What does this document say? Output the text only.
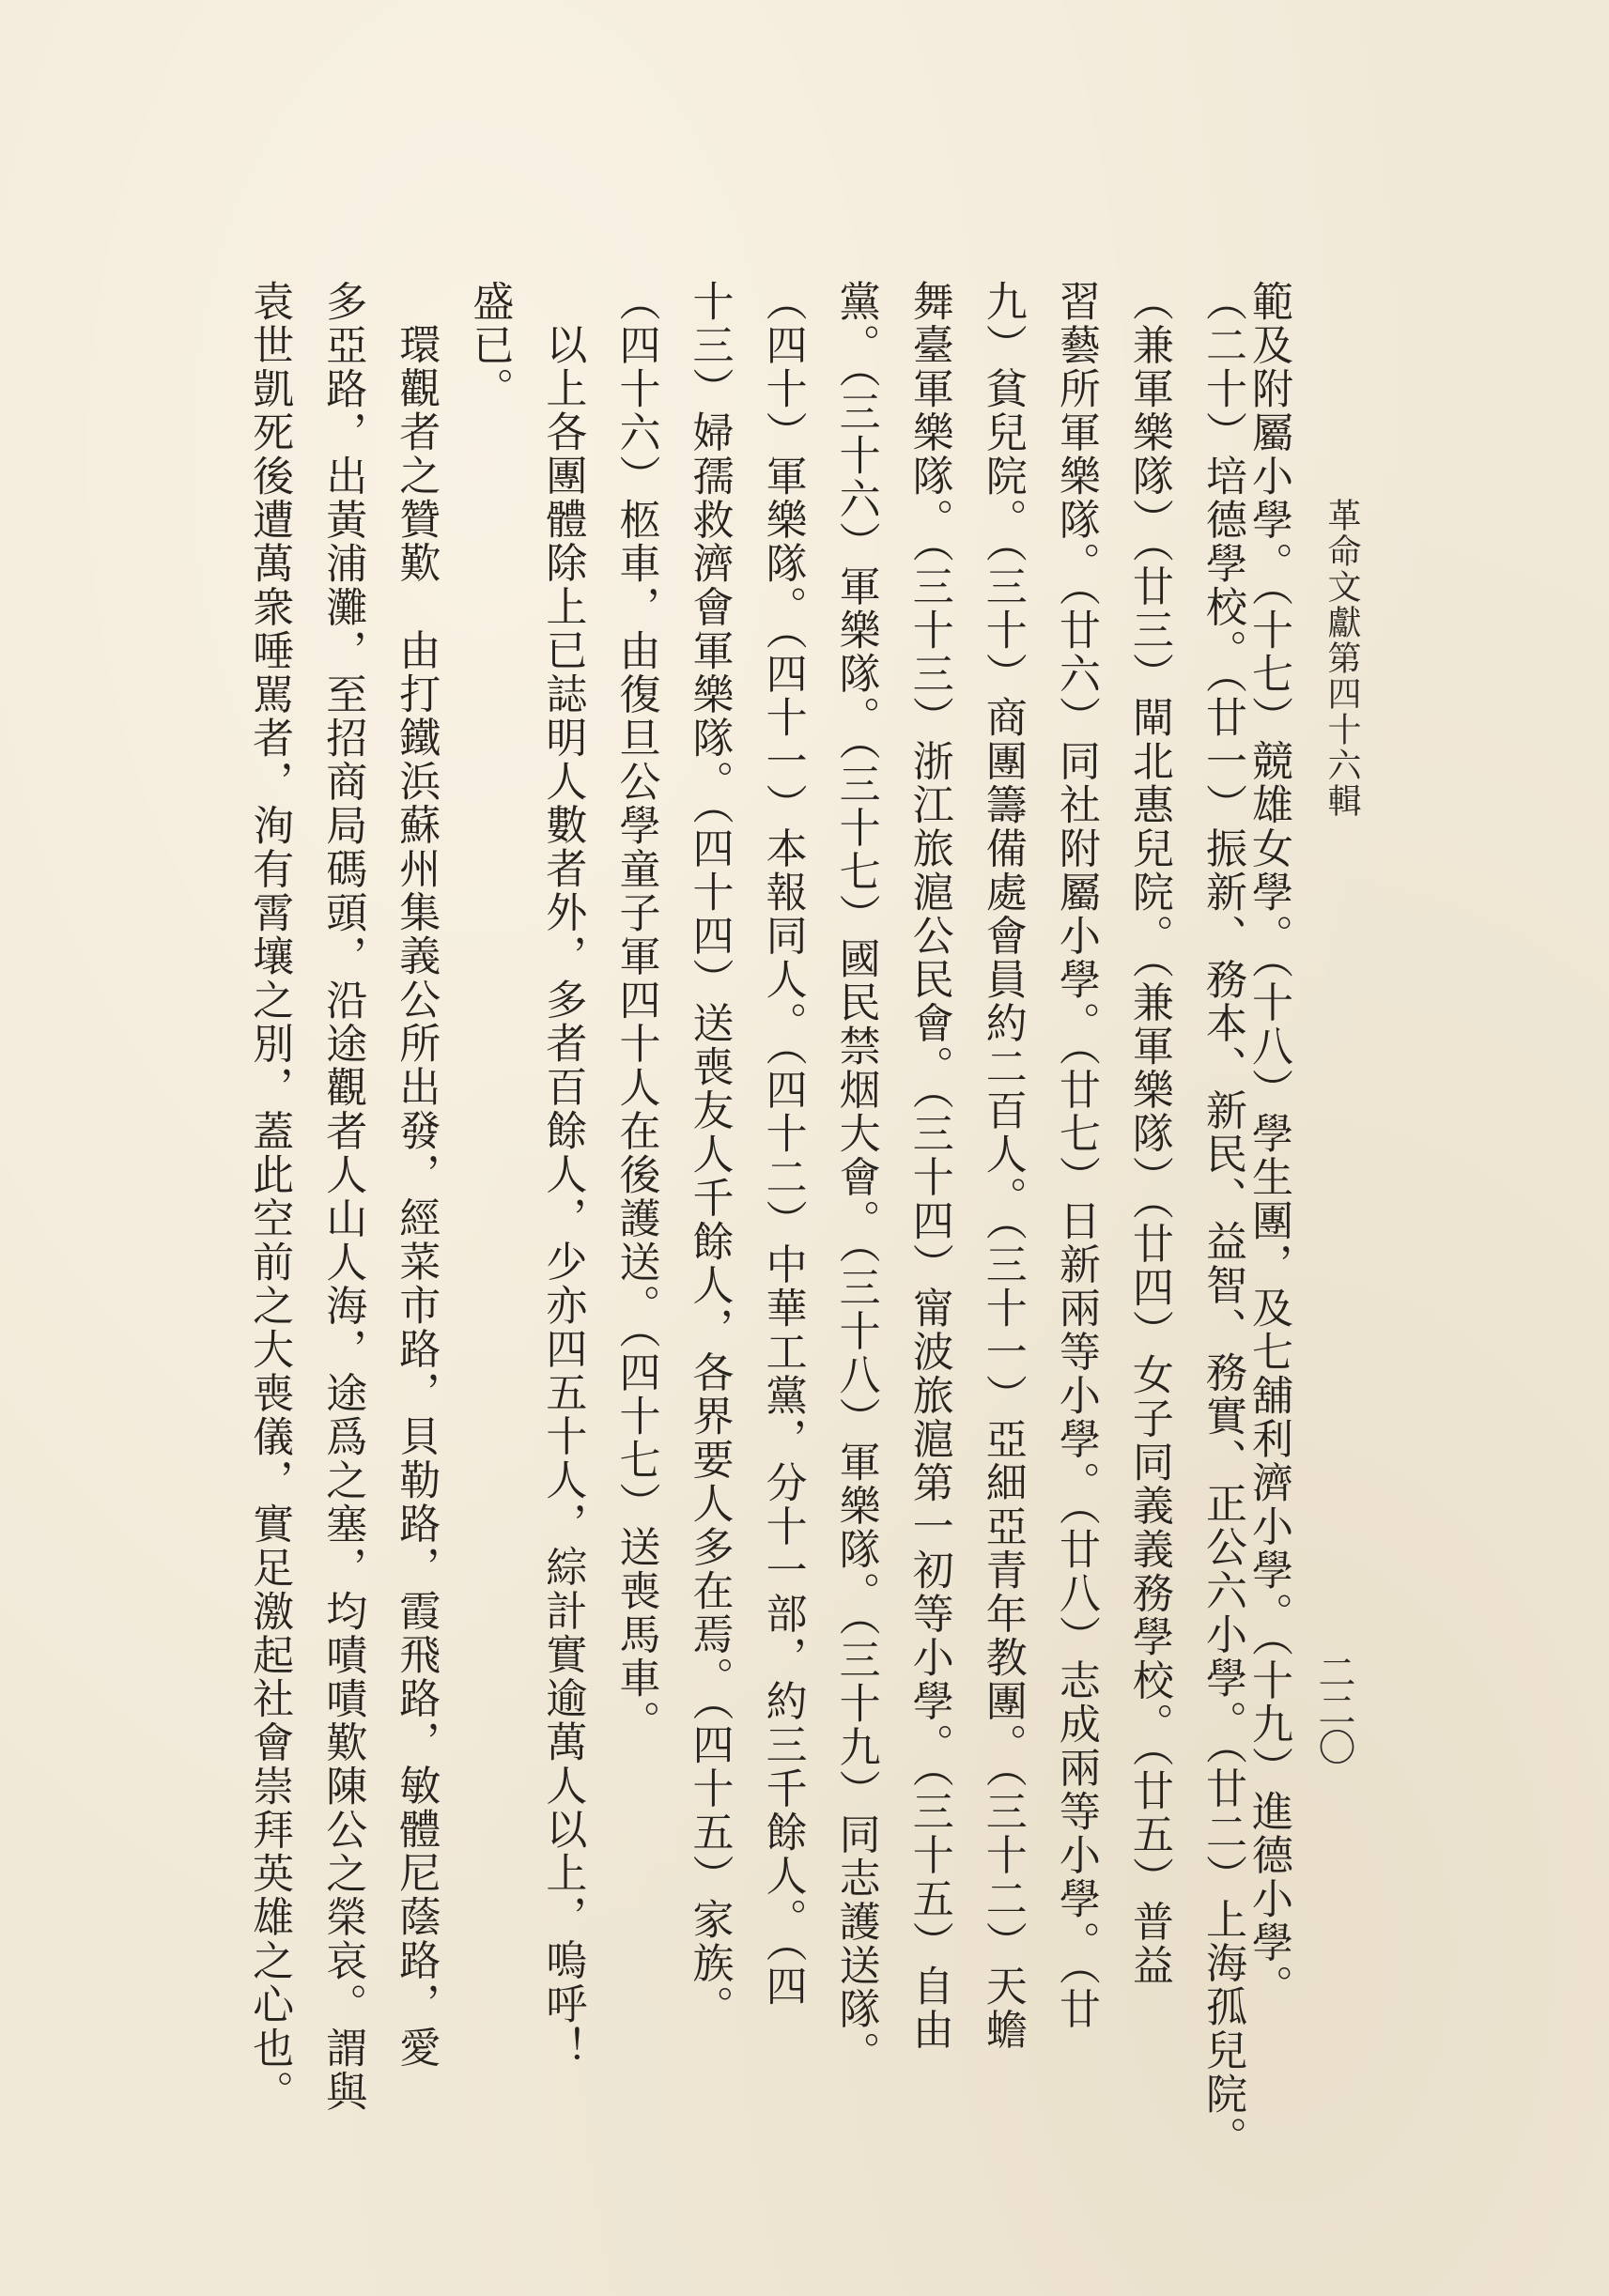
革命文獻第四十六輯
二二〇
範及附屬小學。（十七）競雄女學。（十八）學生團，及七舖利濟小學。（十九）進德小學。
（二十）培德學校。（廿一）振新、務本、新民、益智、務實、正公六小學。（廿二）上海孤兒院。
（兼軍樂隊）（廿三）閘北惠兒院。（兼軍樂隊）（廿四）女子同義義務學校。（廿五）普益
習藝所軍樂隊。（廿六）同社附屬小學。（廿七）日新兩等小學。（廿八）志成兩等小學。（廿
九）貧兒院。（三十）商團籌備處會員約二百人。（三十一）亞細亞青年教團。（三十二）天蟾
舞臺軍樂隊。（三十三）浙江旅滬公民會。（三十四）甯波旅滬第一初等小學。（三十五）自由
黨。（三十六）軍樂隊。（三十七）國民禁烟大會。（三十八）軍樂隊。（三十九）同志護送隊。
（四十）軍樂隊。（四十一）本報同人。（四十二）中華工黨，分十一部，約三千餘人。（四
十三）婦孺救濟會軍樂隊。（四十四）送喪友人千餘人，各界要人多在焉。（四十五）家族。
（四十六）柩車，由復旦公學童子軍四十人在後護送。（四十七）送喪馬車。
以上各團體除上已誌明人數者外，多者百餘人，少亦四五十人，綜計實逾萬人以上，嗚呼！
盛已。
環觀者之贊歎　由打鐵浜蘇州集義公所出發，經菜市路，貝勒路，霞飛路，敏體尼蔭路，愛
多亞路，出黃浦灘，至招商局碼頭，沿途觀者人山人海，途爲之塞，均嘖嘖歎陳公之榮哀。謂與
袁世凱死後遭萬衆唾駡者，洵有霄壤之別，蓋此空前之大喪儀，實足激起社會崇拜英雄之心也。
